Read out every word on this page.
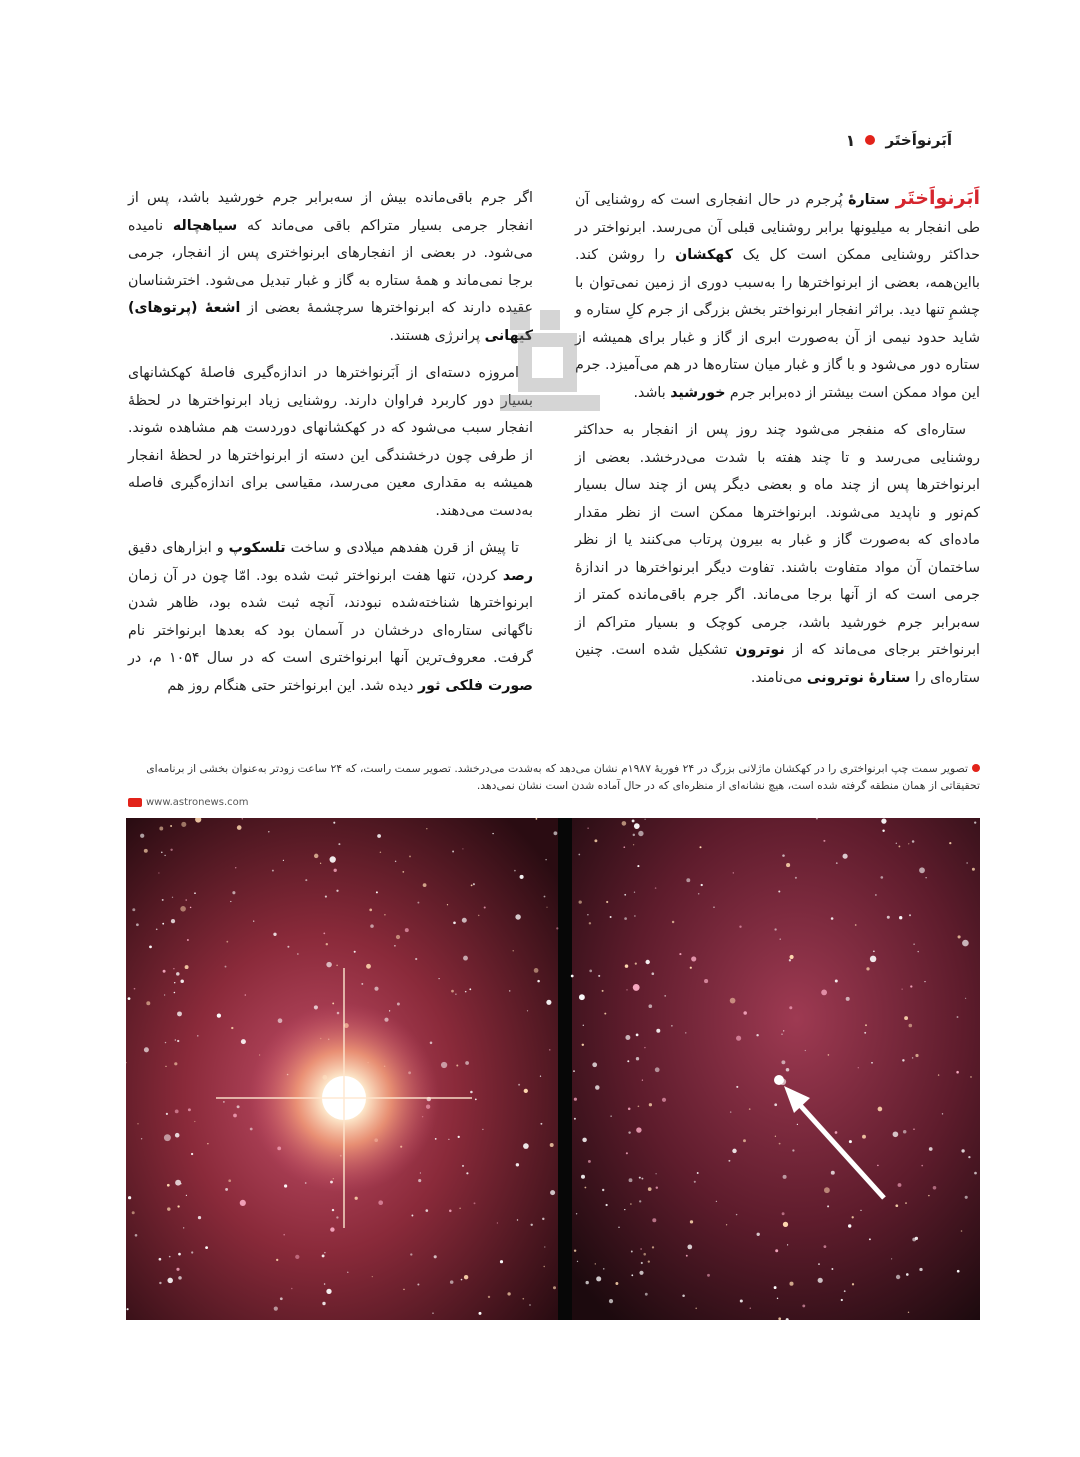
اَبَرنواَختَر
۱

اَبَرنواَختَرستارهٔ پُرجرم در حال انفجاری است که روشنایی آن طی انفجار به میلیونها برابر روشنایی قبلی آن می‌رسد. ابرنواختر در حداکثر روشنایی ممکن است کل یک کهکشان را روشن کند. بااین‌همه، بعضی از ابرنواخترها را به‌سبب دوری از زمین نمی‌توان با چشمِ تنها دید. براثر انفجار ابرنواختر بخش بزرگی از جرم کلِ ستاره و شاید حدود نیمی از آن به‌صورت ابری از گاز و غبار برای همیشه از ستاره دور می‌شود و با گاز و غبار میان ستاره‌ها در هم می‌آمیزد. جرم این مواد ممکن است بیشتر از ده‌برابر جرم خورشید باشد.

ستاره‌ای که منفجر می‌شود چند روز پس از انفجار به حداکثر روشنایی می‌رسد و تا چند هفته با شدت می‌درخشد. بعضی از ابرنواخترها پس از چند ماه و بعضی دیگر پس از چند سال بسیار کم‌نور و ناپدید می‌شوند. ابرنواخترها ممکن است از نظر مقدار ماده‌ای که به‌صورت گاز و غبار به بیرون پرتاب می‌کنند یا از نظر ساختمان آن مواد متفاوت باشند. تفاوت دیگر ابرنواخترها در اندازهٔ جرمی است که از آنها برجا می‌ماند. اگر جرم باقی‌مانده کمتر از سه‌برابر جرم خورشید باشد، جرمی کوچک و بسیار متراکم از ابرنواختر برجای می‌ماند که از نوترون تشکیل شده است. چنین ستاره‌ای را ستارهٔ نوترونی می‌نامند.

اگر جرم باقی‌مانده بیش از سه‌برابر جرم خورشید باشد، پس از انفجار جرمی بسیار متراکم باقی می‌ماند که سیاهچاله نامیده می‌شود. در بعضی از انفجارهای ابرنواختری پس از انفجار، جرمی برجا نمی‌ماند و همهٔ ستاره به گاز و غبار تبدیل می‌شود. اخترشناسان عقیده دارند که ابرنواخترها سرچشمهٔ بعضی از اشعهٔ (پرتوهای) کیهانی پرانرژی هستند.

امروزه دسته‌ای از اَبَرنواخترها در اندازه‌گیری فاصلهٔ کهکشانهای بسیار دور کاربرد فراوان دارند. روشنایی زیاد ابرنواخترها در لحظهٔ انفجار سبب می‌شود که در کهکشانهای دوردست هم مشاهده شوند. از طرفی چون درخشندگی این دسته از ابرنواخترها در لحظهٔ انفجار همیشه به مقداری معین می‌رسد، مقیاسی برای اندازه‌گیری فاصله به‌دست می‌دهند.

تا پیش از قرن هفدهم میلادی و ساخت تلسکوپ و ابزارهای دقیق رصد کردن، تنها هفت ابرنواختر ثبت شده بود. امّا چون در آن زمان ابرنواخترها شناخته‌شده نبودند، آنچه ثبت شده بود، ظاهر شدن ناگهانی ستاره‌ای درخشان در آسمان بود که بعدها ابرنواختر نام گرفت. معروف‌ترین آنها ابرنواختری است که در سال ۱۰۵۴ م، در صورت فلکی ثور دیده شد. این ابرنواختر حتی هنگام روز هم

تصویر سمت چپ ابرنواختری را در کهکشان ماژلانی بزرگ در ۲۴ فوریهٔ ۱۹۸۷م نشان می‌دهد که به‌شدت می‌درخشد. تصویر سمت راست، که ۲۴ ساعت زودتر به‌عنوان بخشی از برنامه‌ای تحقیقاتی از همان منطقه گرفته شده است، هیچ نشانه‌ای از منظره‌ای که در حال آماده شدن است نشان نمی‌دهد.
www.astronews.com
